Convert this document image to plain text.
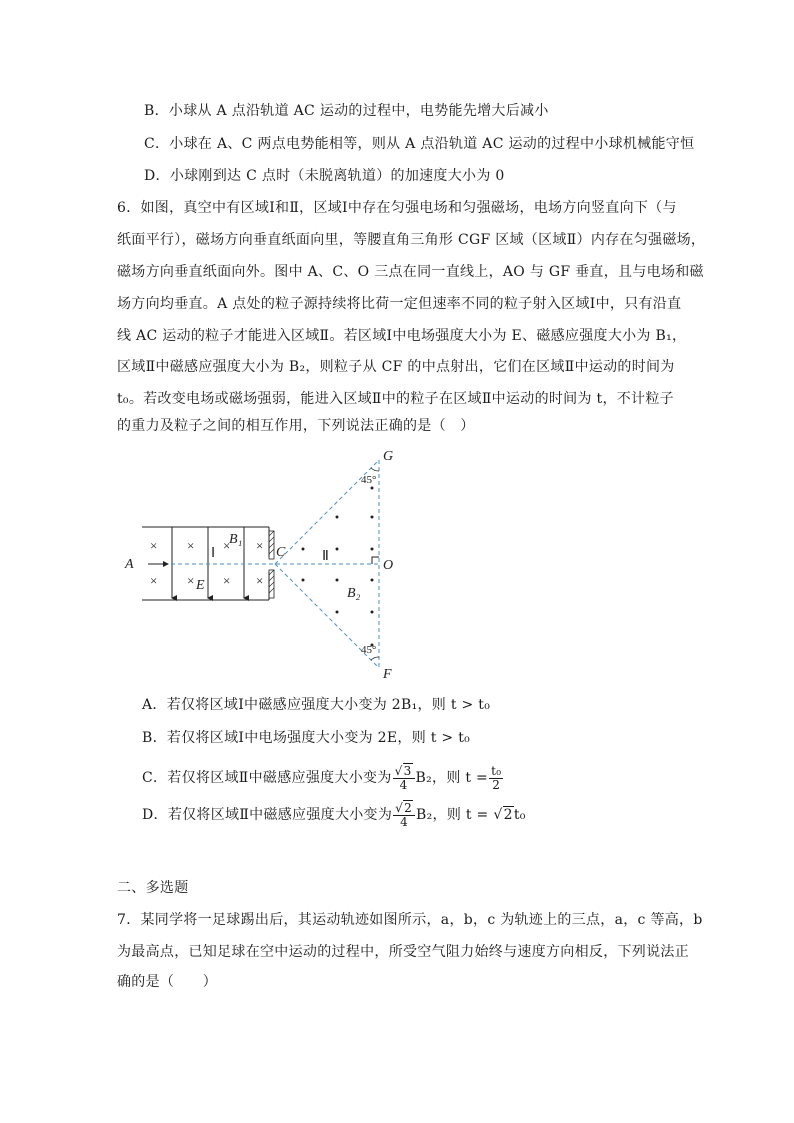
B．小球从 A 点沿轨道 AC 运动的过程中，电势能先增大后减小
C．小球在 A、C 两点电势能相等，则从 A 点沿轨道 AC 运动的过程中小球机械能守恒
D．小球刚到达 C 点时（未脱离轨道）的加速度大小为 0
6．如图，真空中有区域Ⅰ和Ⅱ，区域Ⅰ中存在匀强电场和匀强磁场，电场方向竖直向下（与
纸面平行），磁场方向垂直纸面向里，等腰直角三角形 CGF 区域（区域Ⅱ）内存在匀强磁场，
磁场方向垂直纸面向外。图中 A、C、O 三点在同一直线上，AO 与 GF 垂直，且与电场和磁
场方向均垂直。A 点处的粒子源持续将比荷一定但速率不同的粒子射入区域Ⅰ中，只有沿直
线 AC 运动的粒子才能进入区域Ⅱ。若区域Ⅰ中电场强度大小为 E、磁感应强度大小为 B₁，
区域Ⅱ中磁感应强度大小为 B₂，则粒子从 CF 的中点射出，它们在区域Ⅱ中运动的时间为
t₀。若改变电场或磁场强弱，能进入区域Ⅱ中的粒子在区域Ⅱ中运动的时间为 t，不计粒子
的重力及粒子之间的相互作用，下列说法正确的是（　）
× × × ×
× × × ×
A
C
O
G
F
E
B₁
B₂
Ⅰ	Ⅱ
45°
45°
A．若仅将区域Ⅰ中磁感应强度大小变为 2B₁，则 t > t₀
B．若仅将区域Ⅰ中电场强度大小变为 2E，则 t > t₀
C．若仅将区域Ⅱ中磁感应强度大小变为 $\frac{√3}{4} B_2$，则 $t = \frac{\text{t₀}}{2}$
D．若仅将区域Ⅱ中磁感应强度大小变为 $\frac{√2}{4} B_2$，则 t = √2t₀
二、多选题
7．某同学将一足球踢出后，其运动轨迹如图所示，a，b，c 为轨迹上的三点，a，c 等高，b
为最高点，已知足球在空中运动的过程中，所受空气阻力始终与速度方向相反，下列说法正
确的是（　　）
